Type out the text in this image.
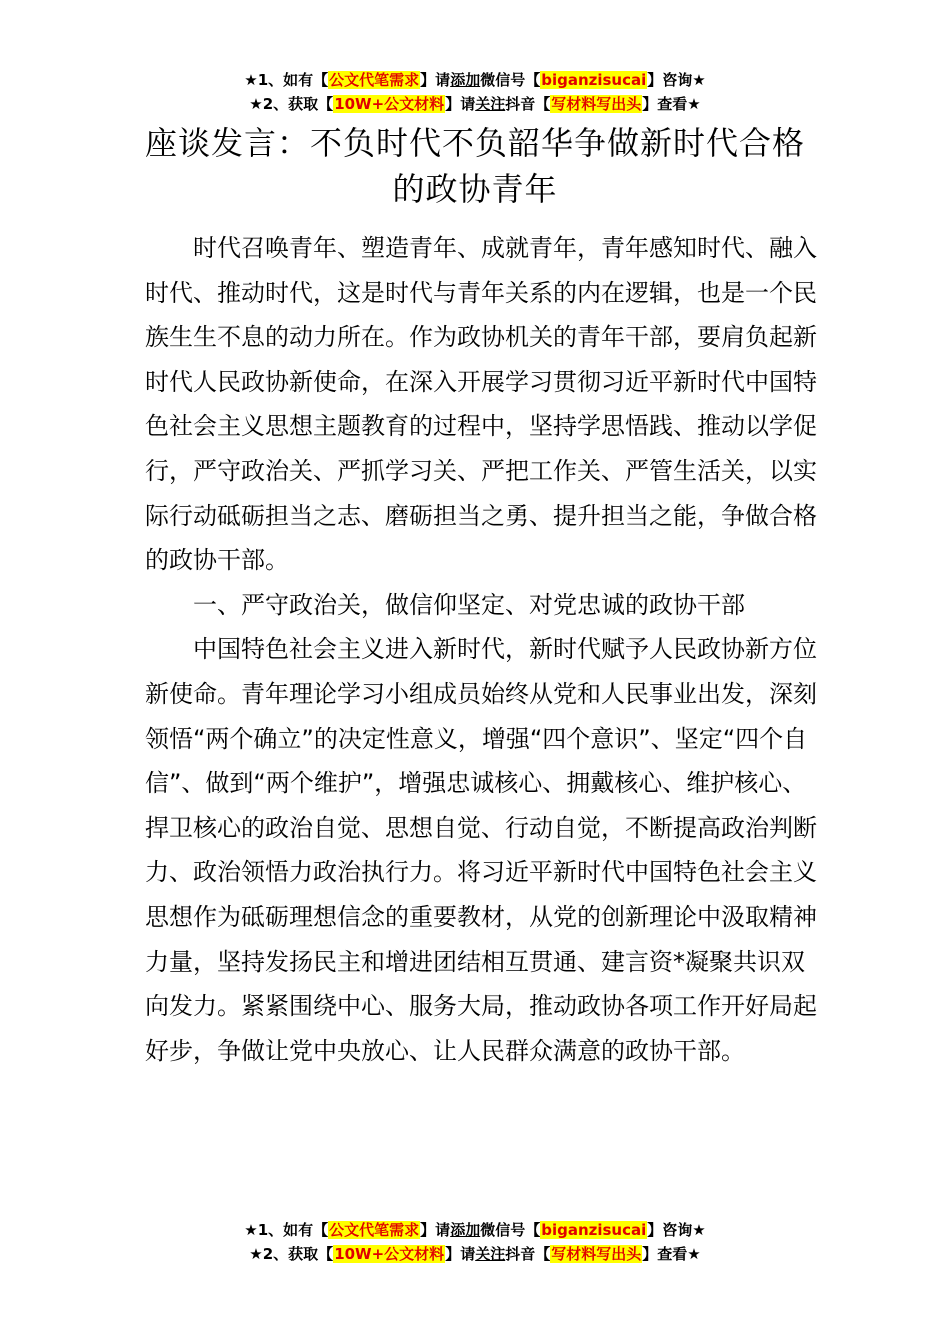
★1、如有【公文代笔需求】请添加微信号【biganzisucai】咨询★
★2、获取【10W+公文材料】请关注抖音【写材料写出头】查看★
座谈发言：不负时代不负韶华争做新时代合格的政协青年

时代召唤青年、塑造青年、成就青年，青年感知时代、融入时代、推动时代，这是时代与青年关系的内在逻辑，也是一个民族生生不息的动力所在。作为政协机关的青年干部，要肩负起新时代人民政协新使命，在深入开展学习贯彻习近平新时代中国特色社会主义思想主题教育的过程中，坚持学思悟践、推动以学促行，严守政治关、严抓学习关、严把工作关、严管生活关，以实际行动砥砺担当之志、磨砺担当之勇、提升担当之能，争做合格的政协干部。

一、严守政治关，做信仰坚定、对党忠诚的政协干部

中国特色社会主义进入新时代，新时代赋予人民政协新方位新使命。青年理论学习小组成员始终从党和人民事业出发，深刻领悟“两个确立”的决定性意义，增强“四个意识”、坚定“四个自信”、做到“两个维护”，增强忠诚核心、拥戴核心、维护核心、捍卫核心的政治自觉、思想自觉、行动自觉，不断提高政治判断力、政治领悟力政治执行力。将习近平新时代中国特色社会主义思想作为砥砺理想信念的重要教材，从党的创新理论中汲取精神力量，坚持发扬民主和增进团结相互贯通、建言资*凝聚共识双向发力。紧紧围绕中心、服务大局，推动政协各项工作开好局起好步，争做让党中央放心、让人民群众满意的政协干部。

★1、如有【公文代笔需求】请添加微信号【biganzisucai】咨询★
★2、获取【10W+公文材料】请关注抖音【写材料写出头】查看★
